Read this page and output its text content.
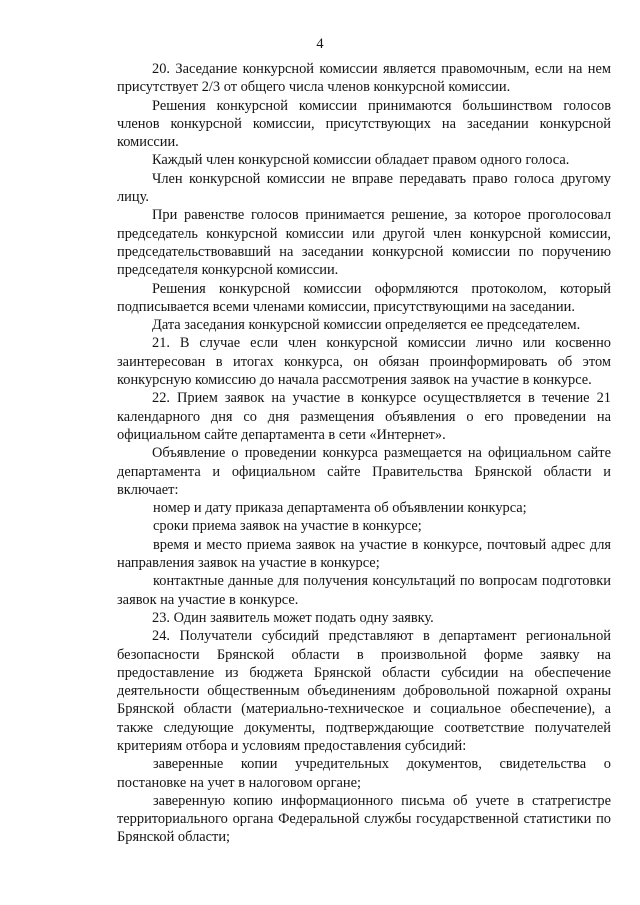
4

20. Заседание конкурсной комиссии является правомочным, если на нем присутствует 2/3 от общего числа членов конкурсной комиссии.

Решения конкурсной комиссии принимаются большинством голосов членов конкурсной комиссии, присутствующих на заседании конкурсной комиссии.

Каждый член конкурсной комиссии обладает правом одного голоса.

Член конкурсной комиссии не вправе передавать право голоса другому лицу.

При равенстве голосов принимается решение, за которое проголосовал председатель конкурсной комиссии или другой член конкурсной комиссии, председательствовавший на заседании конкурсной комиссии по поручению председателя конкурсной комиссии.

Решения конкурсной комиссии оформляются протоколом, который подписывается всеми членами комиссии, присутствующими на заседании.

Дата заседания конкурсной комиссии определяется ее председателем.

21. В случае если член конкурсной комиссии лично или косвенно заинтересован в итогах конкурса, он обязан проинформировать об этом конкурсную комиссию до начала рассмотрения заявок на участие в конкурсе.

22. Прием заявок на участие в конкурсе осуществляется в течение 21 календарного дня со дня размещения объявления о его проведении на официальном сайте департамента в сети «Интернет».

Объявление о проведении конкурса размещается на официальном сайте департамента и официальном сайте Правительства Брянской области и включает:

номер и дату приказа департамента об объявлении конкурса;

сроки приема заявок на участие в конкурсе;

время и место приема заявок на участие в конкурсе, почтовый адрес для направления заявок на участие в конкурсе;

контактные данные для получения консультаций по вопросам подготовки заявок на участие в конкурсе.

23. Один заявитель может подать одну заявку.

24. Получатели субсидий представляют в департамент региональной безопасности Брянской области в произвольной форме заявку на предоставление из бюджета Брянской области субсидии на обеспечение деятельности общественным объединениям добровольной пожарной охраны Брянской области (материально-техническое и социальное обеспечение), а также следующие документы, подтверждающие соответствие получателей критериям отбора и условиям предоставления субсидий:

заверенные копии учредительных документов, свидетельства о постановке на учет в налоговом органе;

заверенную копию информационного письма об учете в статрегистре территориального органа Федеральной службы государственной статистики по Брянской области;
